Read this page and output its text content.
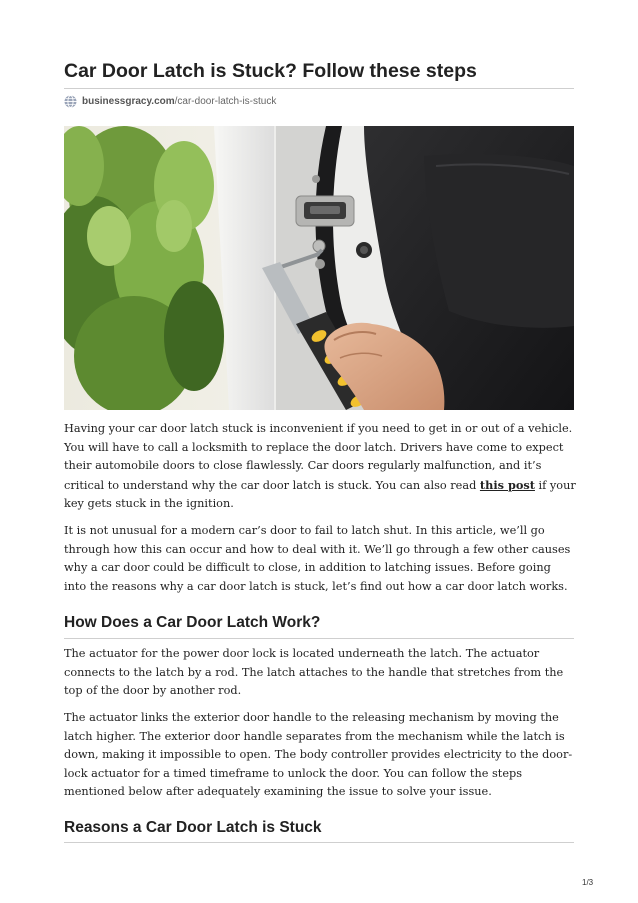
Car Door Latch is Stuck? Follow these steps
businessgracy.com /car-door-latch-is-stuck

Having your car door latch stuck is inconvenient if you need to get in or out of a vehicle. You will have to call a locksmith to replace the door latch. Drivers have come to expect their automobile doors to close flawlessly. Car doors regularly malfunction, and it’s critical to understand why the car door latch is stuck. You can also read this post if your key gets stuck in the ignition.

It is not unusual for a modern car’s door to fail to latch shut. In this article, we’ll go through how this can occur and how to deal with it. We’ll go through a few other causes why a car door could be difficult to close, in addition to latching issues. Before going into the reasons why a car door latch is stuck, let’s find out how a car door latch works.

How Does a Car Door Latch Work?

The actuator for the power door lock is located underneath the latch. The actuator connects to the latch by a rod. The latch attaches to the handle that stretches from the top of the door by another rod.

The actuator links the exterior door handle to the releasing mechanism by moving the latch higher. The exterior door handle separates from the mechanism while the latch is down, making it impossible to open. The body controller provides electricity to the door-lock actuator for a timed timeframe to unlock the door. You can follow the steps mentioned below after adequately examining the issue to solve your issue.

Reasons a Car Door Latch is Stuck
1/3
